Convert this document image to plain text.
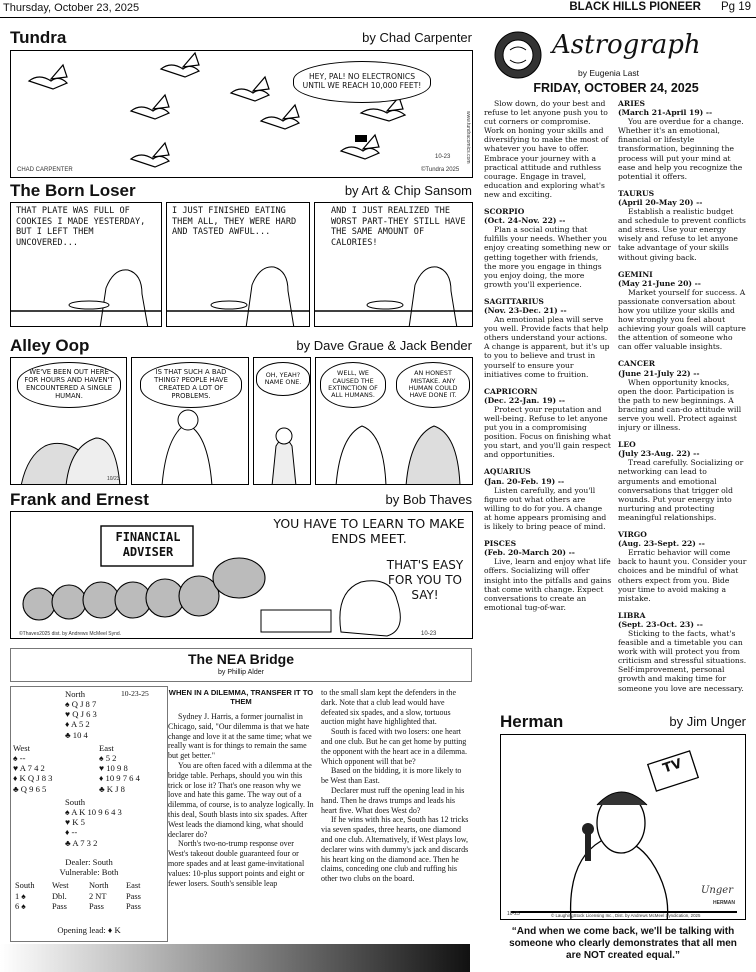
Thursday, October 23, 2025	BLACK HILLS PIONEER Pg 19
Tundra	by Chad Carpenter
HEY, PAL! NO ELECTRONICS UNTIL WE REACH 10,000 FEET!
CHAD CARPENTER
10-23
©Tundra 2025
www.tundracomics.com
The Born Loser	by Art & Chip Sansom
THAT PLATE WAS FULL OF COOKIES I MADE YESTERDAY, BUT I LEFT THEM UNCOVERED...
I JUST FINISHED EATING THEM ALL, THEY WERE HARD AND TASTED AWFUL...
AND I JUST REALIZED THE WORST PART-THEY STILL HAVE THE SAME AMOUNT OF CALORIES!
Alley Oop	by Dave Graue & Jack Bender
WE'VE BEEN OUT HERE FOR HOURS AND HAVEN'T ENCOUNTERED A SINGLE HUMAN.
10/23
IS THAT SUCH A BAD THING? PEOPLE HAVE CREATED A LOT OF PROBLEMS.
OH, YEAH? NAME ONE.
WELL, WE CAUSED THE EXTINCTION OF ALL HUMANS.
AN HONEST MISTAKE. ANY HUMAN COULD HAVE DONE IT.
Frank and Ernest	by Bob Thaves
FINANCIAL ADVISER
YOU HAVE TO LEARN TO MAKE ENDS MEET.
THAT'S EASY FOR YOU TO SAY!
©Thaves2025 dist. by Andrews McMeel Synd.	10-23
Astrograph
by Eugenia Last
FRIDAY, OCTOBER 24, 2025

Slow down, do your best and refuse to let anyone push you to cut corners or compromise. Work on honing your skills and diversifying to make the most of whatever you have to offer. Embrace your journey with a practical attitude and ruthless courage. Engage in travel, education and exploring what's new and exciting.

SCORPIO

(Oct. 24-Nov. 22) --

Plan a social outing that fulfills your needs. Whether you enjoy creating something new or getting together with friends, the more you engage in things you enjoy doing, the more growth you'll experience.

SAGITTARIUS

(Nov. 23-Dec. 21) --

An emotional plea will serve you well. Provide facts that help others understand your actions. A change is apparent, but it's up to you to believe and trust in yourself to ensure your initiatives come to fruition.

CAPRICORN

(Dec. 22-Jan. 19) --

Protect your reputation and well-being. Refuse to let anyone put you in a compromising position. Focus on finishing what you start, and you'll gain respect and opportunities.

AQUARIUS

(Jan. 20-Feb. 19) --

Listen carefully, and you'll figure out what others are willing to do for you. A change at home appears promising and is likely to bring peace of mind.

PISCES

(Feb. 20-March 20) --

Live, learn and enjoy what life offers. Socializing will offer insight into the pitfalls and gains that come with change. Expect conversations to create an emotional tug-of-war.

ARIES

(March 21-April 19) --

You are overdue for a change. Whether it's an emotional, financial or lifestyle transformation, beginning the process will put your mind at ease and help you recognize the potential it offers.

TAURUS

(April 20-May 20) --

Establish a realistic budget and schedule to prevent conflicts and stress. Use your energy wisely and refuse to let anyone take advantage of your skills without giving back.

GEMINI

(May 21-June 20) --

Market yourself for success. A passionate conversation about how you utilize your skills and how strongly you feel about achieving your goals will capture the attention of someone who can offer valuable insights.

CANCER

(June 21-July 22) --

When opportunity knocks, open the door. Participation is the path to new beginnings. A bracing and can-do attitude will serve you well. Protect against injury or illness.

LEO

(July 23-Aug. 22) --

Tread carefully. Socializing or networking can lead to arguments and emotional conversations that trigger old wounds. Put your energy into nurturing and protecting meaningful relationships.

VIRGO

(Aug. 23-Sept. 22) --

Erratic behavior will come back to haunt you. Consider your choices and be mindful of what others expect from you. Bide your time to avoid making a mistake.

LIBRA

(Sept. 23-Oct. 23) --

Sticking to the facts, what's feasible and a timetable you can work with will protect you from criticism and stressful situations. Self-improvement, personal growth and making time for someone you love are necessary.

The NEA Bridge
by Phillip Alder
North	10-23-25
♠ Q J 8 7
♥ Q J 6 3
♦ A 5 2
♣ 10 4
West
♠ --
♥ A 7 4 2
♦ K Q J 8 3
♣ Q 9 6 5
East
♠ 5 2
♥ 10 9 8
♦ 10 9 7 6 4
♣ K J 8
South
♠ A K 10 9 6 4 3
♥ K 5
♦ --
♣ A 7 3 2
Dealer: South
Vulnerable: Both
South	West	North	East
1 ♠	Dbl.	2 NT	Pass
6 ♠	Pass	Pass	Pass
Opening lead: ♦ K

WHEN IN A DILEMMA, TRANSFER IT TO THEM

Sydney J. Harris, a former journalist in Chicago, said, "Our dilemma is that we hate change and love it at the same time; what we really want is for things to remain the same but get better."

You are often faced with a dilemma at the bridge table. Perhaps, should you win this trick or lose it? That's one reason why we love and hate this game. The way out of a dilemma, of course, is to analyze logically. In this deal, South blasts into six spades. After West leads the diamond king, what should declarer do?

North's two-no-trump response over West's takeout double guaranteed four or more spades and at least game-invitational values: 10-plus support points and eight or fewer losers. South's sensible leap

to the small slam kept the defenders in the dark. Note that a club lead would have defeated six spades, and a slow, tortuous auction might have highlighted that.

South is faced with two losers: one heart and one club. But he can get home by putting the opponent with the heart ace in a dilemma. Which opponent will that be?

Based on the bidding, it is more likely to be West than East.

Declarer must ruff the opening lead in his hand. Then he draws trumps and leads his heart five. What does West do?

If he wins with his ace, South has 12 tricks via seven spades, three hearts, one diamond and one club. Alternatively, if West plays low, declarer wins with dummy's jack and discards his heart king on the diamond ace. Then he claims, conceding one club and ruffing his other two clubs on the board.

Herman	by Jim Unger
TV
10-25	© LaughingStock Licensing Inc., Dist. by Andrews McMeel Syndication, 2025
Unger
HERMAN
“And when we come back, we'll be talking with someone who clearly demonstrates that all men are NOT created equal.”
